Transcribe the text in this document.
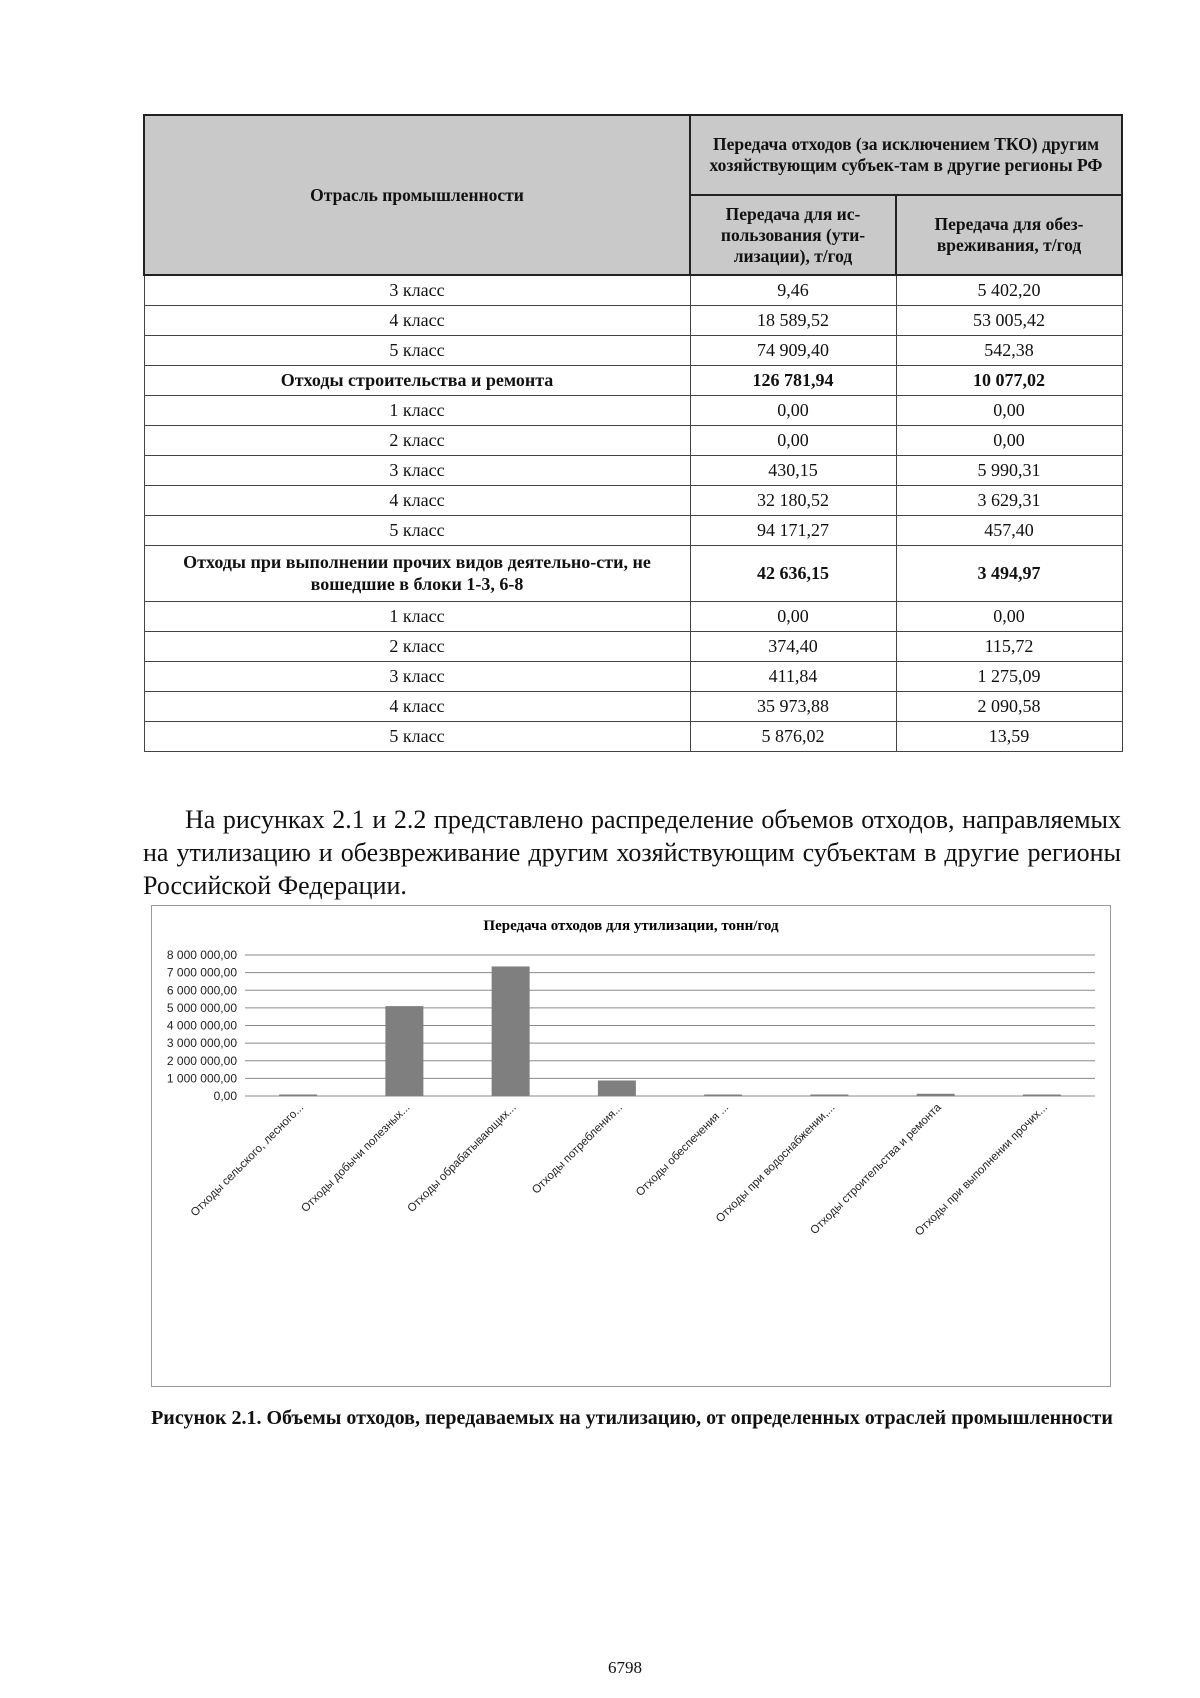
Отрасль промышленности	Передача отходов (за исключением ТКО) другим хозяйствующим субъек-там в другие регионы РФ	
	Передача для ис-пользования (ути-лизации), т/год	Передача для обез-вреживания, т/год
3 класс	9,46	5 402,20
4 класс	18 589,52	53 005,42
5 класс	74 909,40	542,38
Отходы строительства и ремонта	126 781,94	10 077,02
1 класс	0,00	0,00
2 класс	0,00	0,00
3 класс	430,15	5 990,31
4 класс	32 180,52	3 629,31
5 класс	94 171,27	457,40
Отходы при выполнении прочих видов деятельно-сти, не вошедшие в блоки 1-3, 6-8	42 636,15	3 494,97
1 класс	0,00	0,00
2 класс	374,40	115,72
3 класс	411,84	1 275,09
4 класс	35 973,88	2 090,58
5 класс	5 876,02	13,59

На рисунках 2.1 и 2.2 представлено распределение объемов отходов, направляемых на утилизацию и обезвреживание другим хозяйствующим субъектам в другие регионы Российской Федерации.

Передача отходов для утилизации, тонн/год
0,00
1 000 000,00
2 000 000,00
3 000 000,00
4 000 000,00
5 000 000,00
6 000 000,00
7 000 000,00
8 000 000,00
Отходы сельского, лесного...
Отходы добычи полезных...
Отходы обрабатывающих... Отходы потребления... Отходы обеспечения ...
Отходы при водоснабжении,...
Отходы строительства и ремонта
Отходы при выполнении прочих...

Рисунок 2.1. Объемы отходов, передаваемых на утилизацию, от определенных отраслей промышленности

6798
